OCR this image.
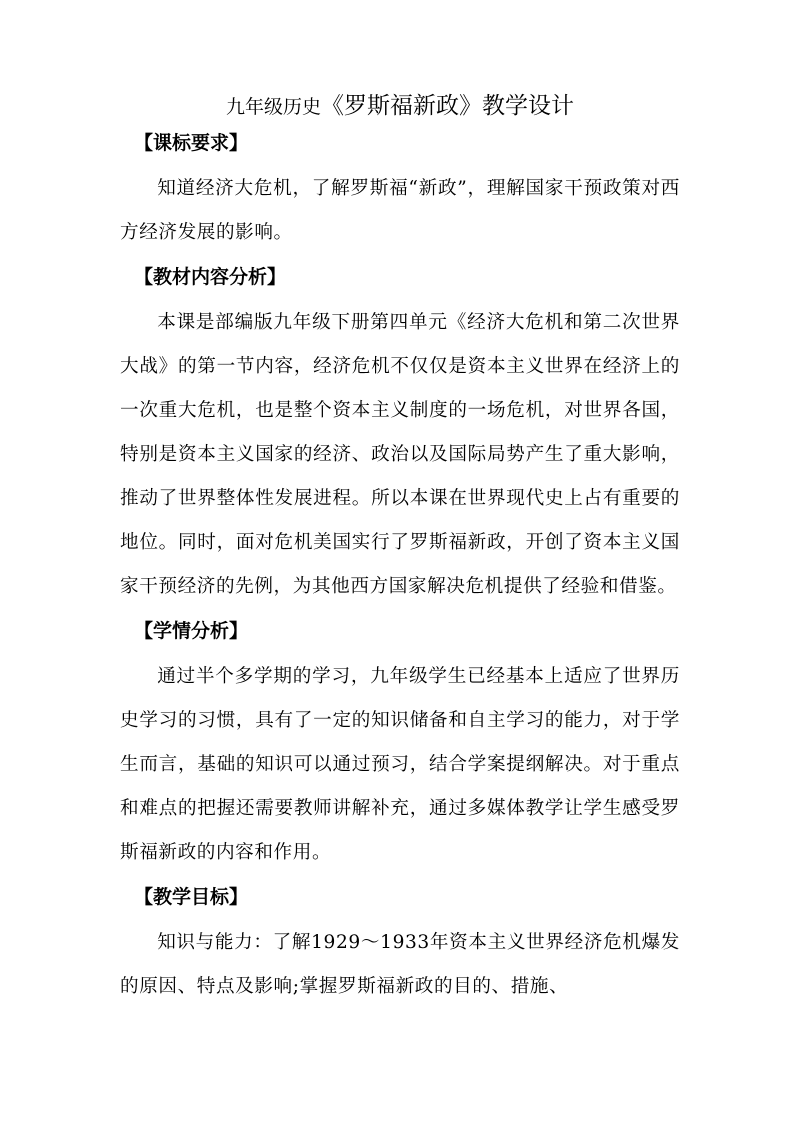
九年级历史《罗斯福新政》教学设计
【课标要求】

知道经济大危机，了解罗斯福“新政”，理解国家干预政策对西方经济发展的影响。

【教材内容分析】

本课是部编版九年级下册第四单元《经济大危机和第二次世界大战》的第一节内容，经济危机不仅仅是资本主义世界在经济上的一次重大危机，也是整个资本主义制度的一场危机，对世界各国，特别是资本主义国家的经济、政治以及国际局势产生了重大影响，推动了世界整体性发展进程。所以本课在世界现代史上占有重要的地位。同时，面对危机美国实行了罗斯福新政，开创了资本主义国家干预经济的先例，为其他西方国家解决危机提供了经验和借鉴。

【学情分析】

通过半个多学期的学习，九年级学生已经基本上适应了世界历史学习的习惯，具有了一定的知识储备和自主学习的能力，对于学生而言，基础的知识可以通过预习，结合学案提纲解决。对于重点和难点的把握还需要教师讲解补充，通过多媒体教学让学生感受罗斯福新政的内容和作用。

【教学目标】

知识与能力：了解1929～1933年资本主义世界经济危机爆发的原因、特点及影响;掌握罗斯福新政的目的、措施、
